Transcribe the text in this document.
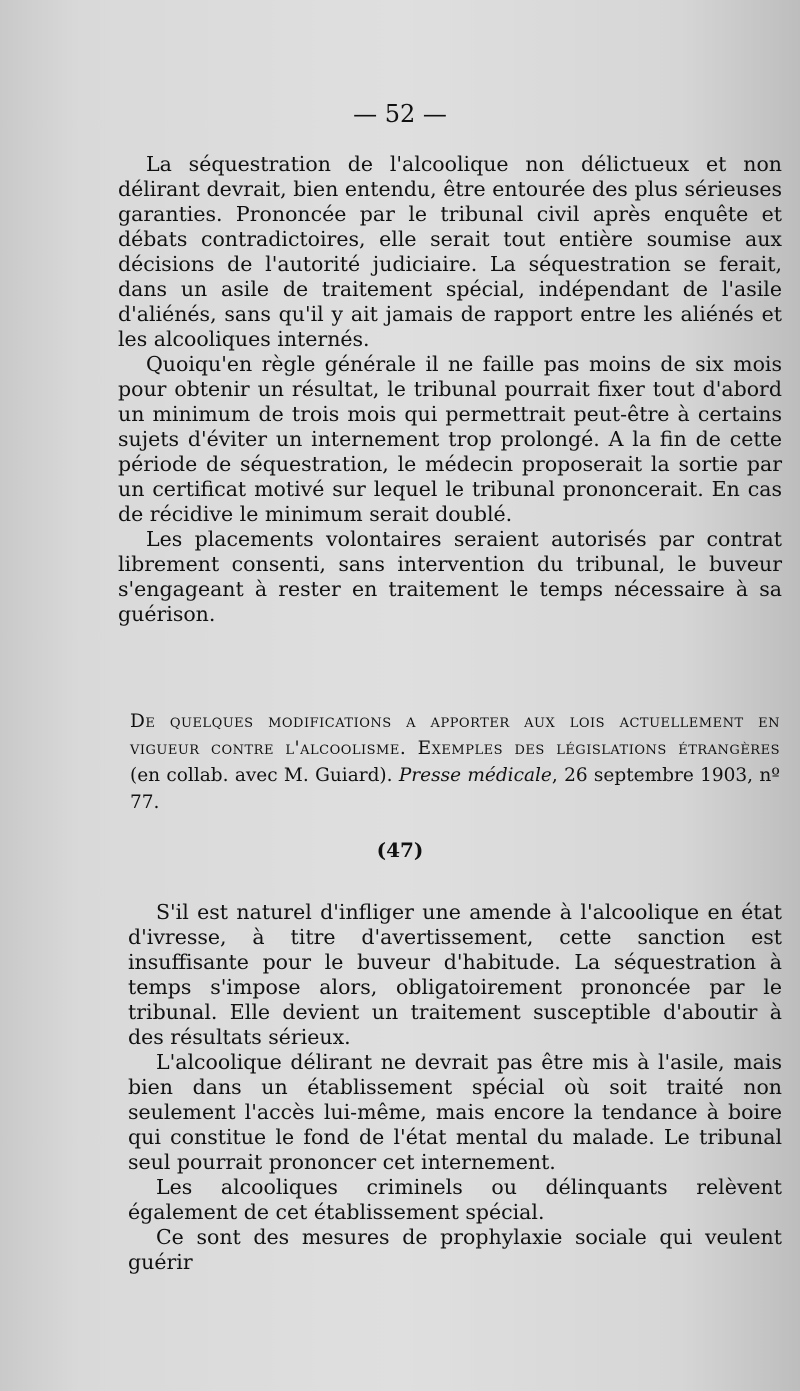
— 52 —

La séquestration de l'alcoolique non délictueux et non délirant devrait, bien entendu, être entourée des plus sérieuses garanties. Prononcée par le tribunal civil après enquête et débats contradictoires, elle serait tout entière soumise aux décisions de l'autorité judiciaire. La séquestration se ferait, dans un asile de traitement spécial, indépendant de l'asile d'aliénés, sans qu'il y ait jamais de rapport entre les aliénés et les alcooliques internés.

Quoiqu'en règle générale il ne faille pas moins de six mois pour obtenir un résultat, le tribunal pourrait fixer tout d'abord un minimum de trois mois qui permettrait peut-être à certains sujets d'éviter un internement trop prolongé. A la fin de cette période de séquestration, le médecin proposerait la sortie par un certificat motivé sur lequel le tribunal prononcerait. En cas de récidive le minimum serait doublé.

Les placements volontaires seraient autorisés par contrat librement consenti, sans intervention du tribunal, le buveur s'engageant à rester en traitement le temps nécessaire à sa guérison.

De quelques modifications a apporter aux lois actuellement en vigueur contre l'alcoolisme. Exemples des législations étrangères (en collab. avec M. Guiard). Presse médicale, 26 septembre 1903, nº 77.
(47)

S'il est naturel d'infliger une amende à l'alcoolique en état d'ivresse, à titre d'avertissement, cette sanction est insuffisante pour le buveur d'habitude. La séquestration à temps s'impose alors, obligatoirement prononcée par le tribunal. Elle devient un traitement susceptible d'aboutir à des résultats sérieux.

L'alcoolique délirant ne devrait pas être mis à l'asile, mais bien dans un établissement spécial où soit traité non seulement l'accès lui-même, mais encore la tendance à boire qui constitue le fond de l'état mental du malade. Le tribunal seul pourrait prononcer cet internement.

Les alcooliques criminels ou délinquants relèvent également de cet établissement spécial.

Ce sont des mesures de prophylaxie sociale qui veulent guérir
